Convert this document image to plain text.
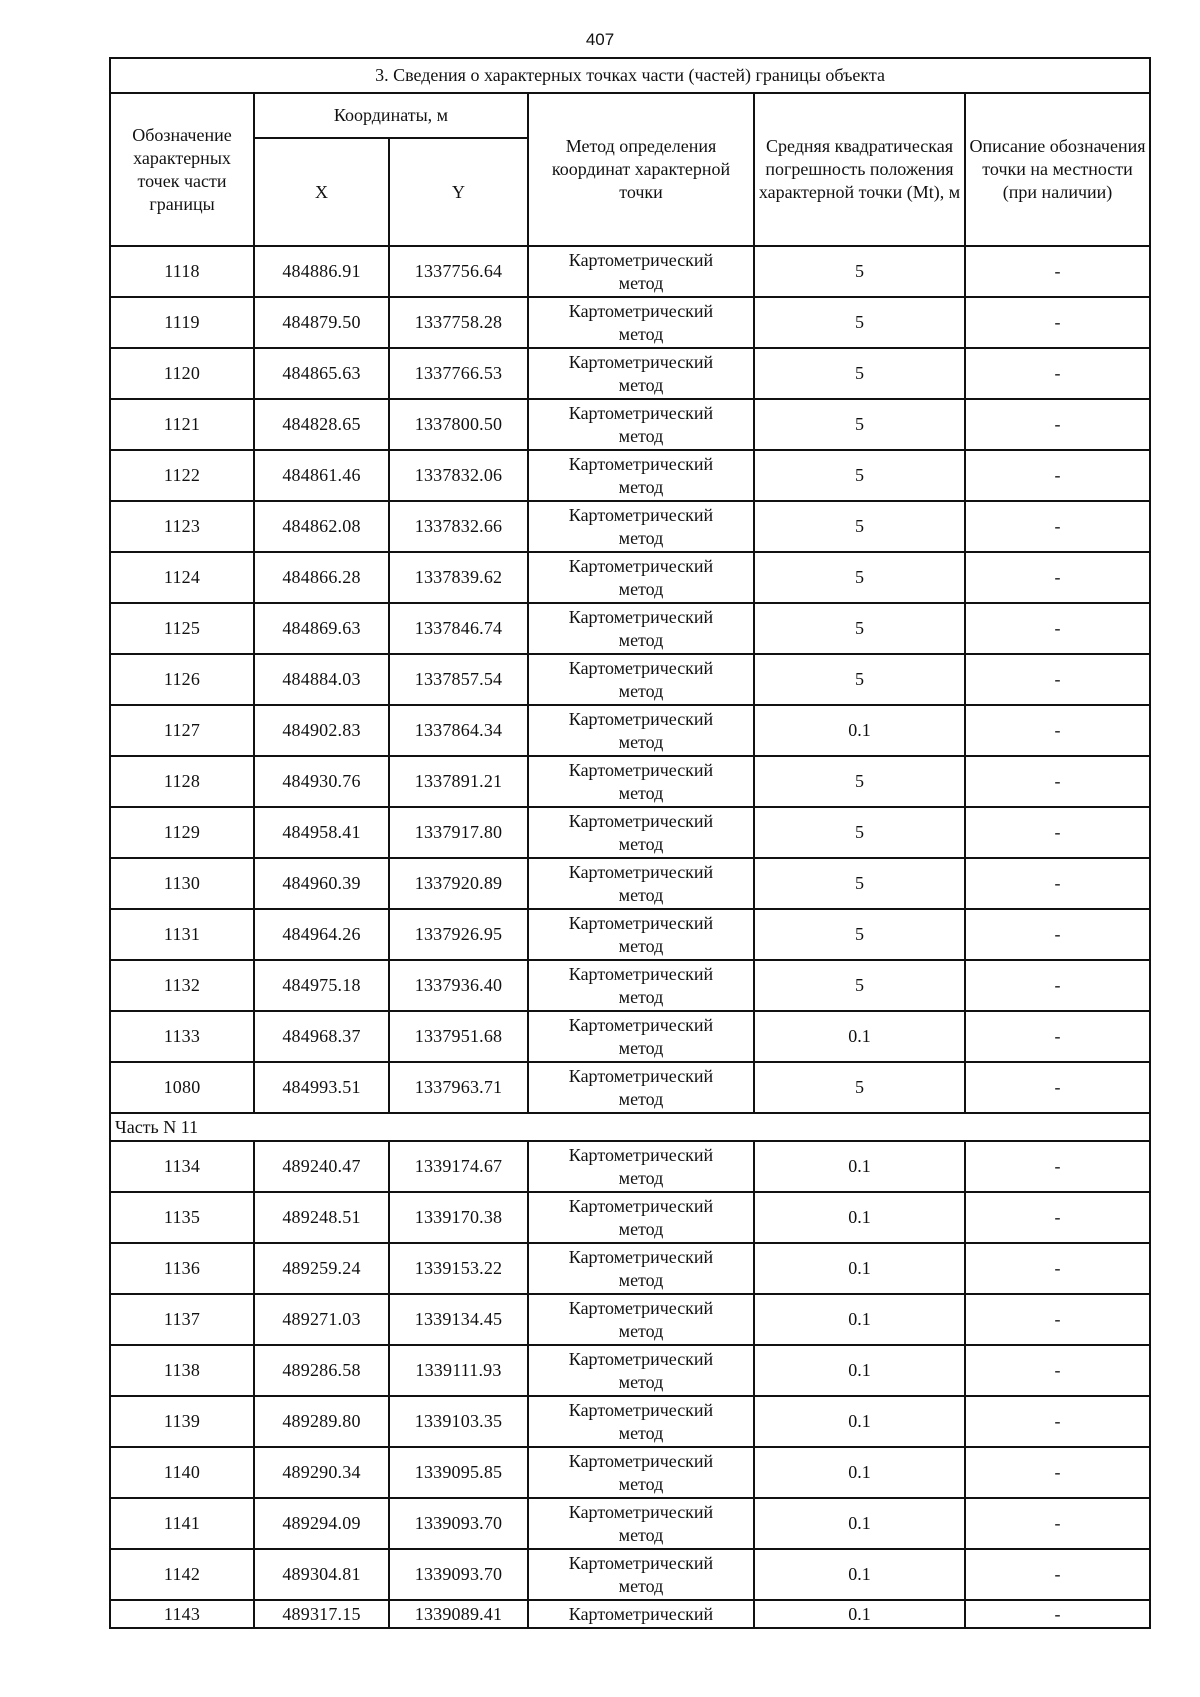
407
3. Сведения о характерных точках части (частей) границы объекта					
Обозначение характерных точек части границы	Координаты, м		Метод определения координат характерной точки	Средняя квадратическая погрешность положения характерной точки (Mt), м	Описание обозначения точки на местности (при наличии)
	X	Y			
1118	484886.91	1337756.64	Картометрический
метод	5	-
1119	484879.50	1337758.28	Картометрический
метод	5	-
1120	484865.63	1337766.53	Картометрический
метод	5	-
1121	484828.65	1337800.50	Картометрический
метод	5	-
1122	484861.46	1337832.06	Картометрический
метод	5	-
1123	484862.08	1337832.66	Картометрический
метод	5	-
1124	484866.28	1337839.62	Картометрический
метод	5	-
1125	484869.63	1337846.74	Картометрический
метод	5	-
1126	484884.03	1337857.54	Картометрический
метод	5	-
1127	484902.83	1337864.34	Картометрический
метод	0.1	-
1128	484930.76	1337891.21	Картометрический
метод	5	-
1129	484958.41	1337917.80	Картометрический
метод	5	-
1130	484960.39	1337920.89	Картометрический
метод	5	-
1131	484964.26	1337926.95	Картометрический
метод	5	-
1132	484975.18	1337936.40	Картометрический
метод	5	-
1133	484968.37	1337951.68	Картометрический
метод	0.1	-
1080	484993.51	1337963.71	Картометрический
метод	5	-
Часть N 11					
1134	489240.47	1339174.67	Картометрический
метод	0.1	-
1135	489248.51	1339170.38	Картометрический
метод	0.1	-
1136	489259.24	1339153.22	Картометрический
метод	0.1	-
1137	489271.03	1339134.45	Картометрический
метод	0.1	-
1138	489286.58	1339111.93	Картометрический
метод	0.1	-
1139	489289.80	1339103.35	Картометрический
метод	0.1	-
1140	489290.34	1339095.85	Картометрический
метод	0.1	-
1141	489294.09	1339093.70	Картометрический
метод	0.1	-
1142	489304.81	1339093.70	Картометрический
метод	0.1	-
1143	489317.15	1339089.41	Картометрический	0.1	-
